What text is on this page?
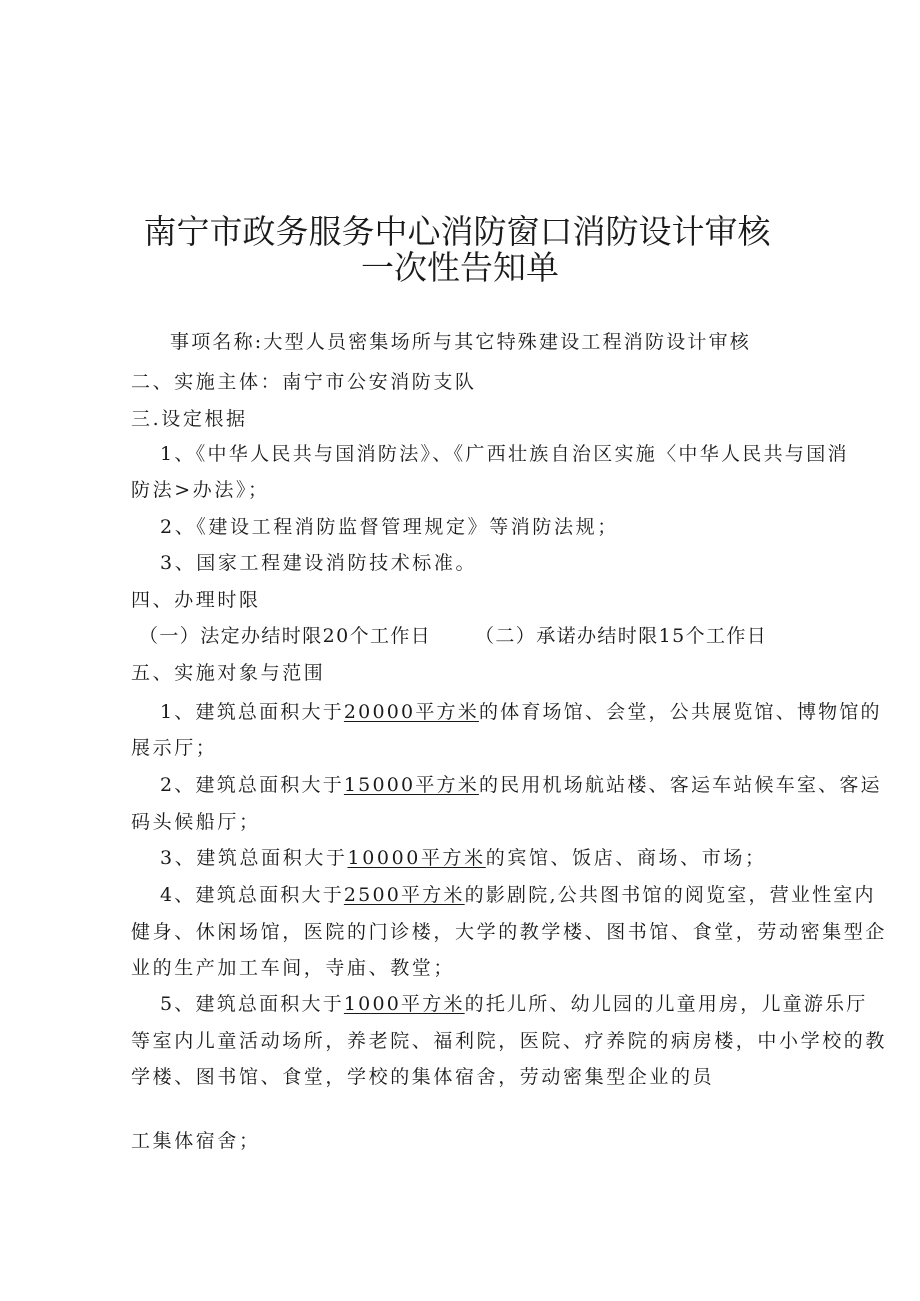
南宁市政务服务中心消防窗口消防设计审核
一次性告知单
事项名称:大型人员密集场所与其它特殊建设工程消防设计审核
二、实施主体：南宁市公安消防支队
三.设定根据
1、《中华人民共与国消防法》、《广西壮族自治区实施〈中华人民共与国消
防法>办法》；
2、《建设工程消防监督管理规定》等消防法规；
3、国家工程建设消防技术标准。
四、办理时限
（一）法定办结时限20个工作日 （二）承诺办结时限15个工作日
五、实施对象与范围
1、建筑总面积大于20000平方米的体育场馆、会堂，公共展览馆、博物馆的
展示厅；
2、建筑总面积大于15000平方米的民用机场航站楼、客运车站候车室、客运
码头候船厅；
3、建筑总面积大于10000平方米的宾馆、饭店、商场、市场；
4、建筑总面积大于2500平方米的影剧院,公共图书馆的阅览室，营业性室内
健身、休闲场馆，医院的门诊楼，大学的教学楼、图书馆、食堂，劳动密集型企
业的生产加工车间，寺庙、教堂；
5、建筑总面积大于1000平方米的托儿所、幼儿园的儿童用房，儿童游乐厅
等室内儿童活动场所，养老院、福利院，医院、疗养院的病房楼，中小学校的教
学楼、图书馆、食堂，学校的集体宿舍，劳动密集型企业的员
工集体宿舍；
